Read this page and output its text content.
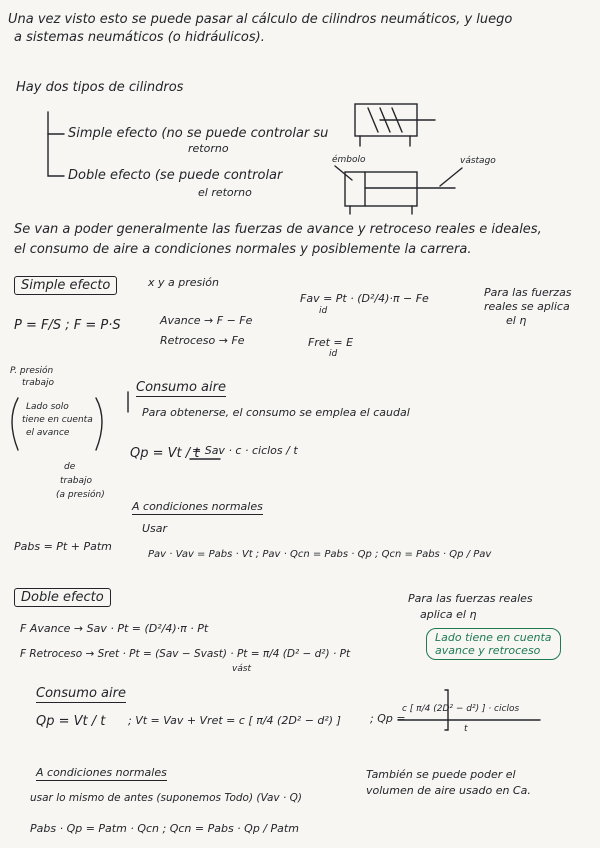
Una vez visto esto se puede pasar al cálculo de cilindros neumáticos, y luego
a sistemas neumáticos (o hidráulicos).
Hay dos tipos de cilindros
Simple efecto (no se puede controlar su
retorno
Doble efecto (se puede controlar
el retorno
émbolo	vástago
Se van a poder generalmente las fuerzas de avance y retroceso reales e ideales,
el consumo de aire a condiciones normales y posiblemente la carrera.
Simple efecto	x y a presión
P = F/S ; F = P·S	Avance → F − Fe
Retroceso → Fe
Fav = Pt · (D²/4)·π − Fe
id
Fret = E
id
Para las fuerzas
reales se aplica
el η
P. presión
trabajo
Lado solo
tiene en cuenta
el avance
de
trabajo
(a presión)
Consumo aire
Para obtenerse, el consumo se emplea el caudal
Qp = Vt / t
= Sav · c · ciclos / t
A condiciones normales
Usar
Pabs = Pt + Patm
Pav · Vav = Pabs · Vt ; Pav · Qcn = Pabs · Qp ; Qcn = Pabs · Qp / Pav
Doble efecto	Para las fuerzas reales
aplica el η
Lado tiene en cuenta
avance y retroceso
F Avance → Sav · Pt = (D²/4)·π · Pt
F Retroceso → Sret · Pt = (Sav − Svast) · Pt = π/4 (D² − d²) · Pt
vást
Consumo aire
Qp = Vt / t ; Vt = Vav + Vret = c [ π/4 (2D² − d²) ]	; Qp =
c [ π/4 (2D² − d²) ] · ciclos
t
A condiciones normales
usar lo mismo de antes (suponemos Todo) (Vav · Q)
Pabs · Qp = Patm · Qcn ; Qcn = Pabs · Qp / Patm
También se puede poder el
volumen de aire usado en Ca.
